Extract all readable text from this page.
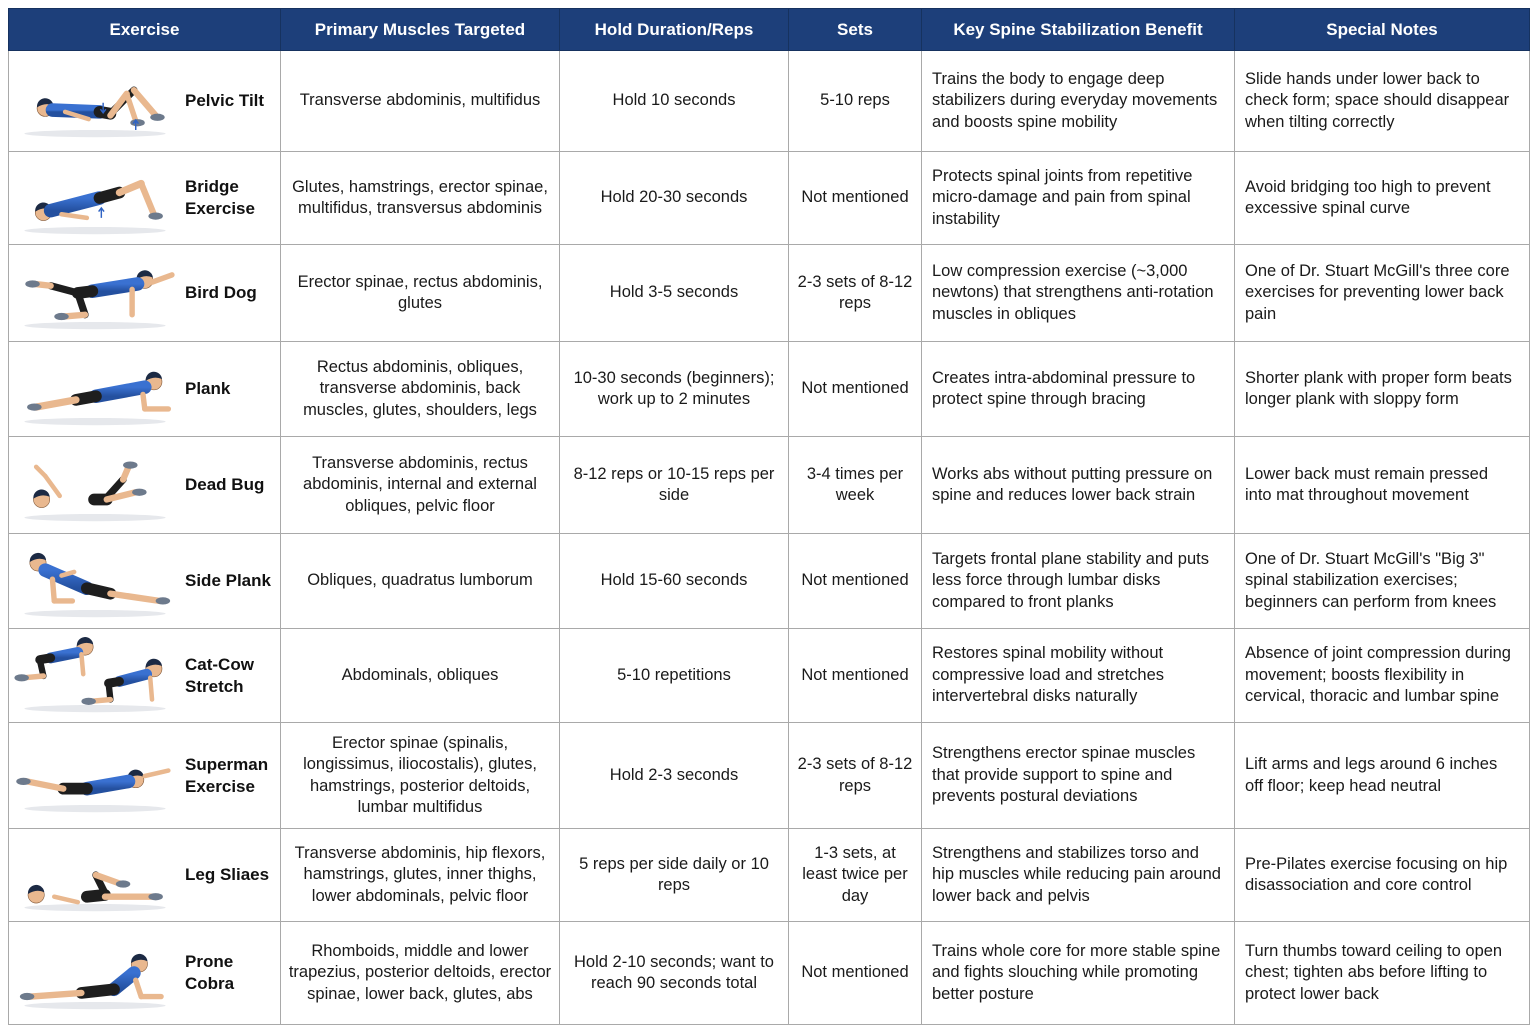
Exercise	Primary Muscles Targeted	Hold Duration/Reps	Sets	Key Spine Stabilization Benefit	Special Notes

Pelvic Tilt	Transverse abdominis, multifidus	Hold 10 seconds	5-10 reps	Trains the body to engage deep stabilizers during everyday movements and boosts spine mobility	Slide hands under lower back to check form; space should disappear when tilting correctly

Bridge Exercise	Glutes, hamstrings, erector spinae, multifidus, transversus abdominis	Hold 20-30 seconds	Not mentioned	Protects spinal joints from repetitive micro-damage and pain from spinal instability	Avoid bridging too high to prevent excessive spinal curve

Bird Dog	Erector spinae, rectus abdominis, glutes	Hold 3-5 seconds	2-3 sets of 8-12 reps	Low compression exercise (~3,000 newtons) that strengthens anti-rotation muscles in obliques	One of Dr. Stuart McGill's three core exercises for preventing lower back pain

Plank	Rectus abdominis, obliques, transverse abdominis, back muscles, glutes, shoulders, legs	10-30 seconds (beginners); work up to 2 minutes	Not mentioned	Creates intra-abdominal pressure to protect spine through bracing	Shorter plank with proper form beats longer plank with sloppy form

Dead Bug	Transverse abdominis, rectus abdominis, internal and external obliques, pelvic floor	8-12 reps or 10-15 reps per side	3-4 times per week	Works abs without putting pressure on spine and reduces lower back strain	Lower back must remain pressed into mat throughout movement

Side Plank	Obliques, quadratus lumborum	Hold 15-60 seconds	Not mentioned	Targets frontal plane stability and puts less force through lumbar disks compared to front planks	One of Dr. Stuart McGill's "Big 3" spinal stabilization exercises; beginners can perform from knees

Cat-Cow Stretch	Abdominals, obliques	5-10 repetitions	Not mentioned	Restores spinal mobility without compressive load and stretches intervertebral disks naturally	Absence of joint compression during movement; boosts flexibility in cervical, thoracic and lumbar spine

Superman Exercise	Erector spinae (spinalis, longissimus, iliocostalis), glutes, hamstrings, posterior deltoids, lumbar multifidus	Hold 2-3 seconds	2-3 sets of 8-12 reps	Strengthens erector spinae muscles that provide support to spine and prevents postural deviations	Lift arms and legs around 6 inches off floor; keep head neutral

Leg Sliaes	Transverse abdominis, hip flexors, hamstrings, glutes, inner thighs, lower abdominals, pelvic floor	5 reps per side daily or 10 reps	1-3 sets, at least twice per day	Strengthens and stabilizes torso and hip muscles while reducing pain around lower back and pelvis	Pre-Pilates exercise focusing on hip disassociation and core control

Prone Cobra	Rhomboids, middle and lower trapezius, posterior deltoids, erector spinae, lower back, glutes, abs	Hold 2-10 seconds; want to reach 90 seconds total	Not mentioned	Trains whole core for more stable spine and fights slouching while promoting better posture	Turn thumbs toward ceiling to open chest; tighten abs before lifting to protect lower back
